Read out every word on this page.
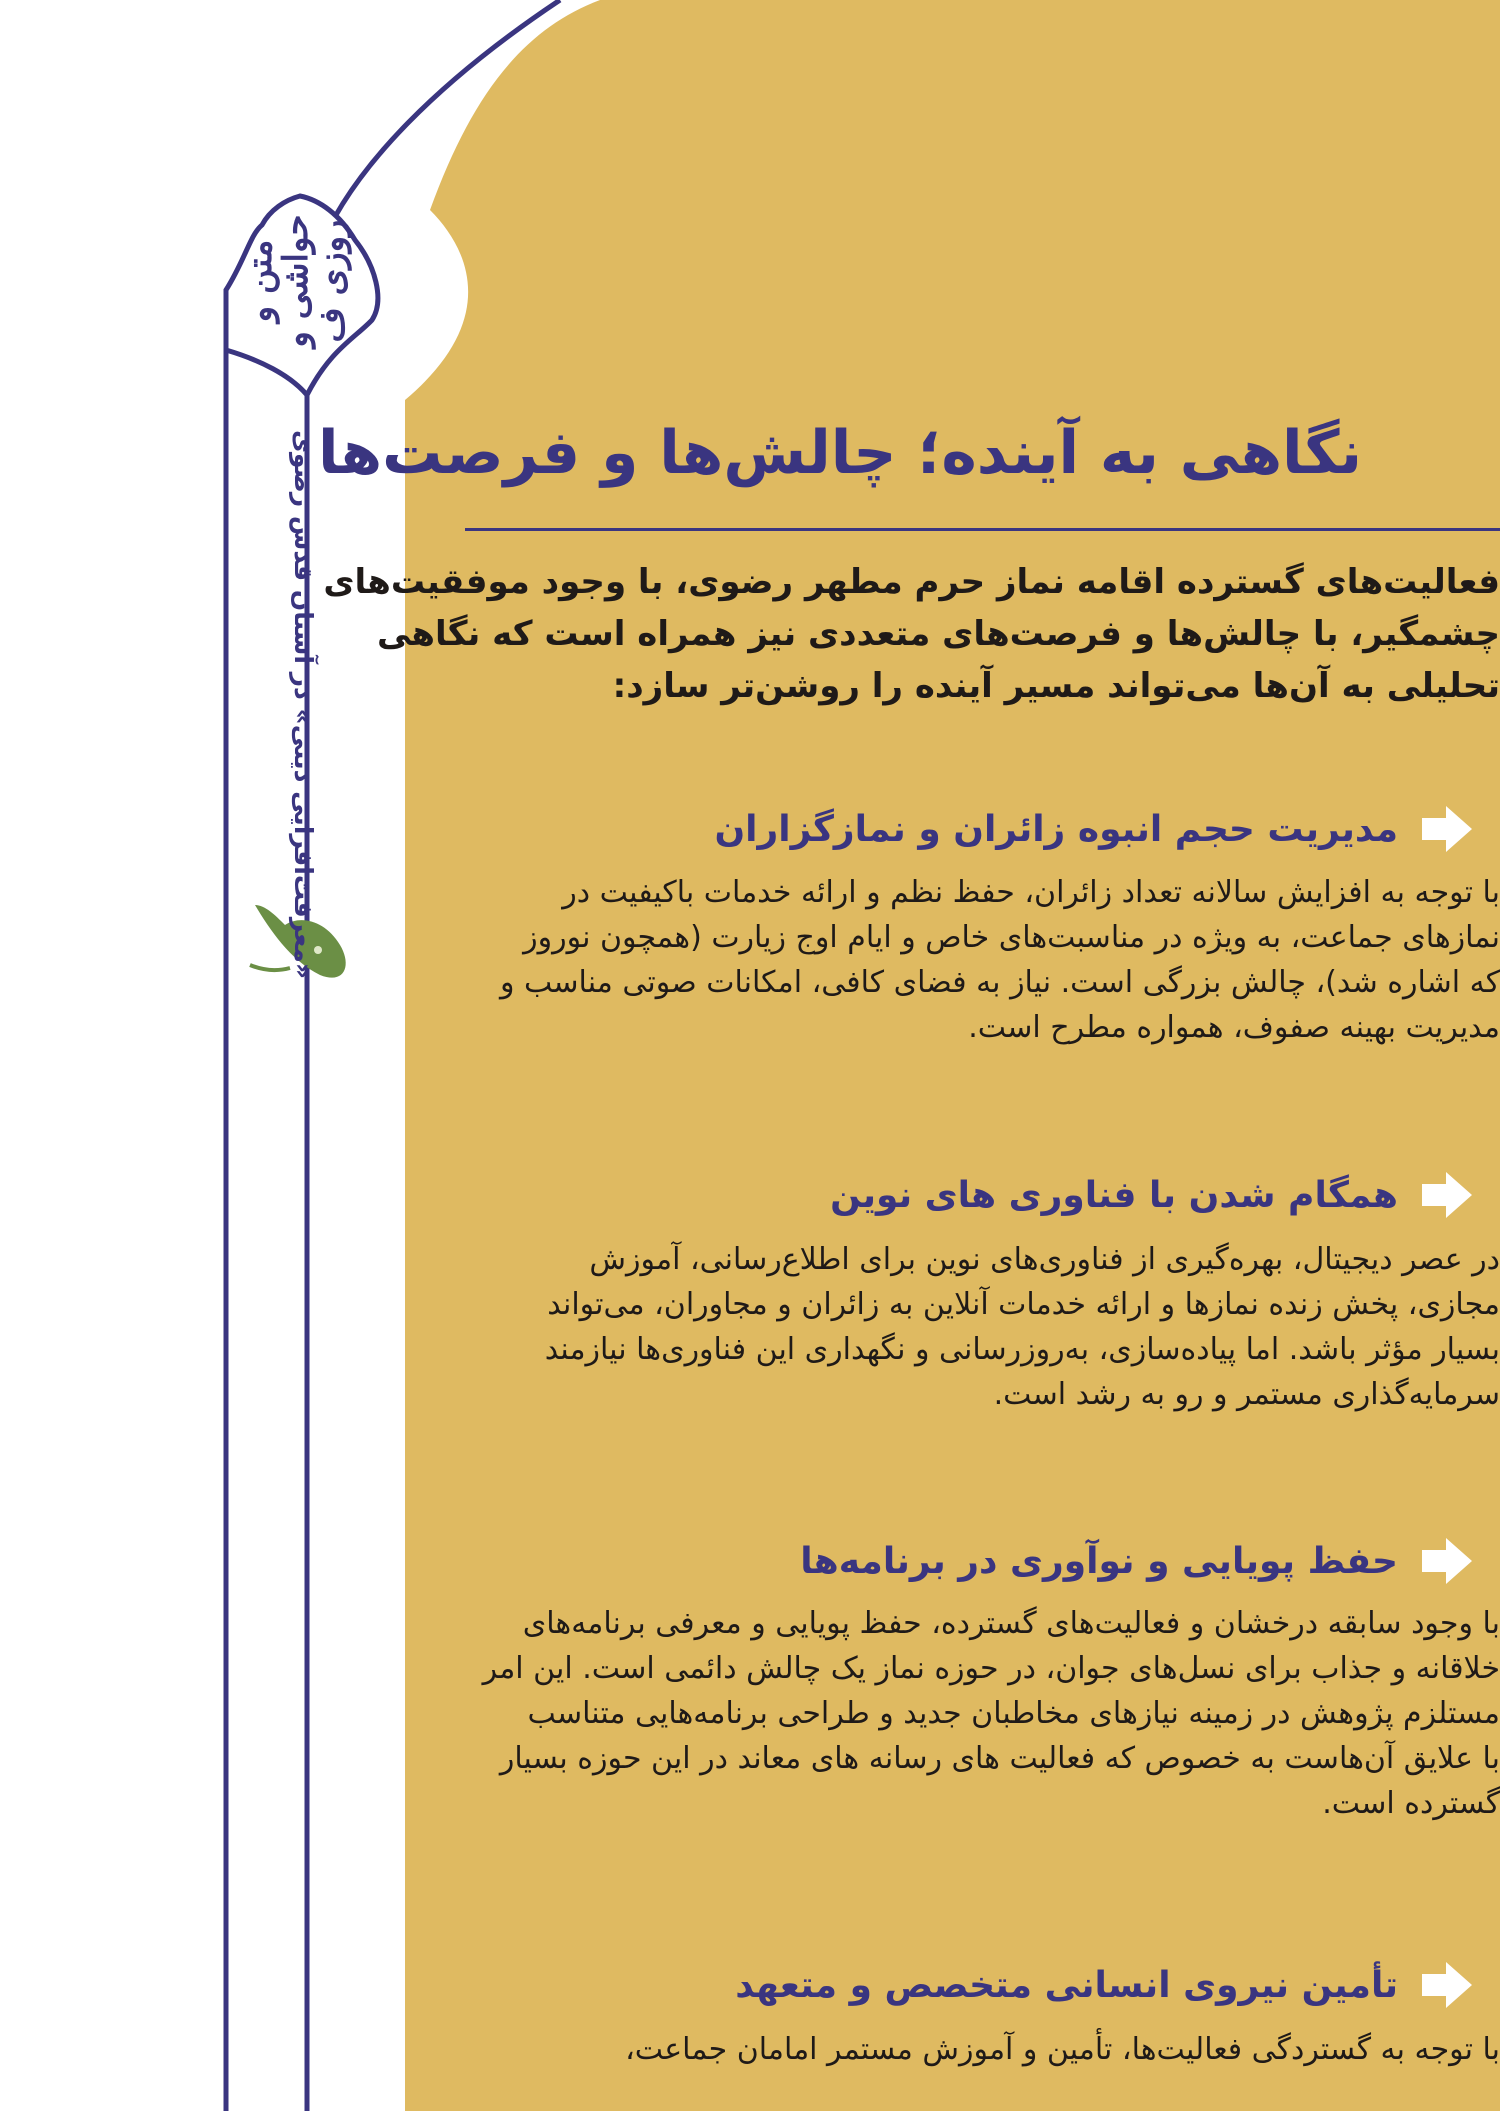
متن و حواشی و روزی ف
«معرفت‌افزایی دینی» در آستان قدس رضوی نگاهی به آینده؛ چالش‌ها و فرصت‌ها

فعالیت‌های گسترده اقامه نماز حرم مطهر رضوی، با وجود موفقیت‌های
چشمگیر، با چالش‌ها و فرصت‌های متعددی نیز همراه است که نگاهی
تحلیلی به آن‌ها می‌تواند مسیر آینده را روشن‌تر سازد:

مدیریت حجم انبوه زائران و نمازگزاران

با توجه به افزایش سالانه تعداد زائران، حفظ نظم و ارائه خدمات باکیفیت در
نمازهای جماعت، به ویژه در مناسبت‌های خاص و ایام اوج زیارت (همچون نوروز
که اشاره شد)، چالش بزرگی است. نیاز به فضای کافی، امکانات صوتی مناسب و
مدیریت بهینه صفوف، همواره مطرح است.

همگام شدن با فناوری های نوین

در عصر دیجیتال، بهره‌گیری از فناوری‌های نوین برای اطلاع‌رسانی، آموزش
مجازی، پخش زنده نمازها و ارائه خدمات آنلاین به زائران و مجاوران، می‌تواند
بسیار مؤثر باشد. اما پیاده‌سازی، به‌روزرسانی و نگهداری این فناوری‌ها نیازمند
سرمایه‌گذاری مستمر و رو به رشد است.

حفظ پویایی و نوآوری در برنامه‌ها

با وجود سابقه درخشان و فعالیت‌های گسترده، حفظ پویایی و معرفی برنامه‌های
خلاقانه و جذاب برای نسل‌های جوان، در حوزه نماز یک چالش دائمی است. این امر
مستلزم پژوهش در زمینه نیازهای مخاطبان جدید و طراحی برنامه‌هایی متناسب
با علایق آن‌هاست به خصوص که فعالیت های رسانه های معاند در این حوزه بسیار
گسترده است.

تأمین نیروی انسانی متخصص و متعهد

با توجه به گستردگی فعالیت‌ها، تأمین و آموزش مستمر امامان جماعت،
